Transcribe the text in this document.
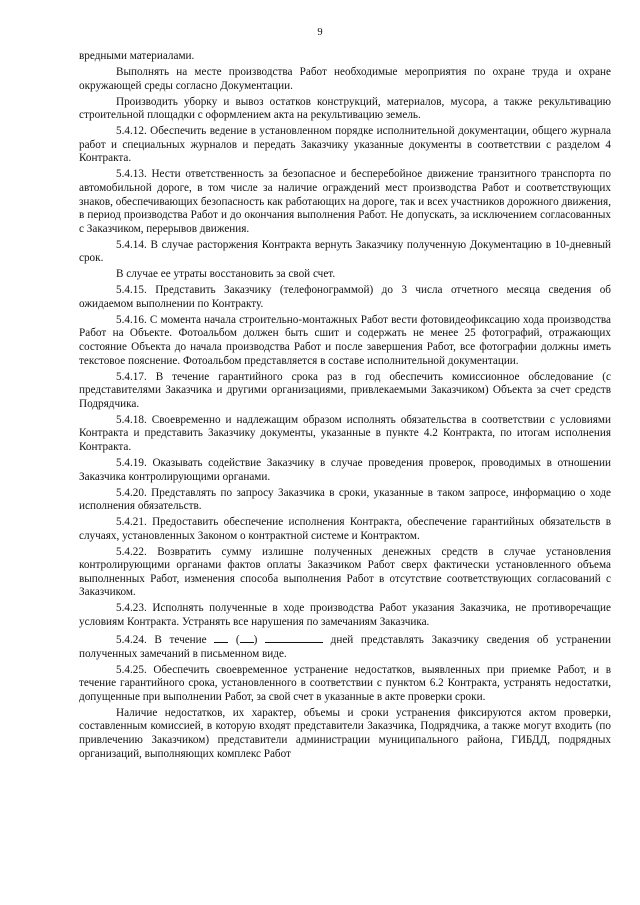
9

вредными материалами.

Выполнять на месте производства Работ необходимые мероприятия по охране труда и охране окружающей среды согласно Документации.

Производить уборку и вывоз остатков конструкций, материалов, мусора, а также рекультивацию строительной площадки с оформлением акта на рекультивацию земель.

5.4.12. Обеспечить ведение в установленном порядке исполнительной документации, общего журнала работ и специальных журналов и передать Заказчику указанные документы в соответствии с разделом 4 Контракта.

5.4.13. Нести ответственность за безопасное и бесперебойное движение транзитного транспорта по автомобильной дороге, в том числе за наличие ограждений мест производства Работ и соответствующих знаков, обеспечивающих безопасность как работающих на дороге, так и всех участников дорожного движения, в период производства Работ и до окончания выполнения Работ. Не допускать, за исключением согласованных с Заказчиком, перерывов движения.

5.4.14. В случае расторжения Контракта вернуть Заказчику полученную Документацию в 10-дневный срок.

В случае ее утраты восстановить за свой счет.

5.4.15. Представить Заказчику (телефонограммой) до 3 числа отчетного месяца сведения об ожидаемом выполнении по Контракту.

5.4.16. С момента начала строительно-монтажных Работ вести фотовидеофиксацию хода производства Работ на Объекте. Фотоальбом должен быть сшит и содержать не менее 25 фотографий, отражающих состояние Объекта до начала производства Работ и после завершения Работ, все фотографии должны иметь текстовое пояснение. Фотоальбом представляется в составе исполнительной документации.

5.4.17. В течение гарантийного срока раз в год обеспечить комиссионное обследование (с представителями Заказчика и другими организациями, привлекаемыми Заказчиком) Объекта за счет средств Подрядчика.

5.4.18. Своевременно и надлежащим образом исполнять обязательства в соответствии с условиями Контракта и представить Заказчику документы, указанные в пункте 4.2 Контракта, по итогам исполнения Контракта.

5.4.19. Оказывать содействие Заказчику в случае проведения проверок, проводимых в отношении Заказчика контролирующими органами.

5.4.20. Представлять по запросу Заказчика в сроки, указанные в таком запросе, информацию о ходе исполнения обязательств.

5.4.21. Предоставить обеспечение исполнения Контракта, обеспечение гарантийных обязательств в случаях, установленных Законом о контрактной системе и Контрактом.

5.4.22. Возвратить сумму излишне полученных денежных средств в случае установления контролирующими органами фактов оплаты Заказчиком Работ сверх фактически установленного объема выполненных Работ, изменения способа выполнения Работ в отсутствие соответствующих согласований с Заказчиком.

5.4.23. Исполнять полученные в ходе производства Работ указания Заказчика, не противоречащие условиям Контракта. Устранять все нарушения по замечаниям Заказчика.

5.4.24. В течение	( )	дней представлять Заказчику сведения об устранении полученных замечаний в письменном виде.

5.4.25. Обеспечить своевременное устранение недостатков, выявленных при приемке Работ, и в течение гарантийного срока, установленного в соответствии с пунктом 6.2 Контракта, устранять недостатки, допущенные при выполнении Работ, за свой счет в указанные в акте проверки сроки.

Наличие недостатков, их характер, объемы и сроки устранения фиксируются актом проверки, составленным комиссией, в которую входят представители Заказчика, Подрядчика, а также могут входить (по привлечению Заказчиком) представители администрации муниципального района, ГИБДД, подрядных организаций, выполняющих комплекс Работ
